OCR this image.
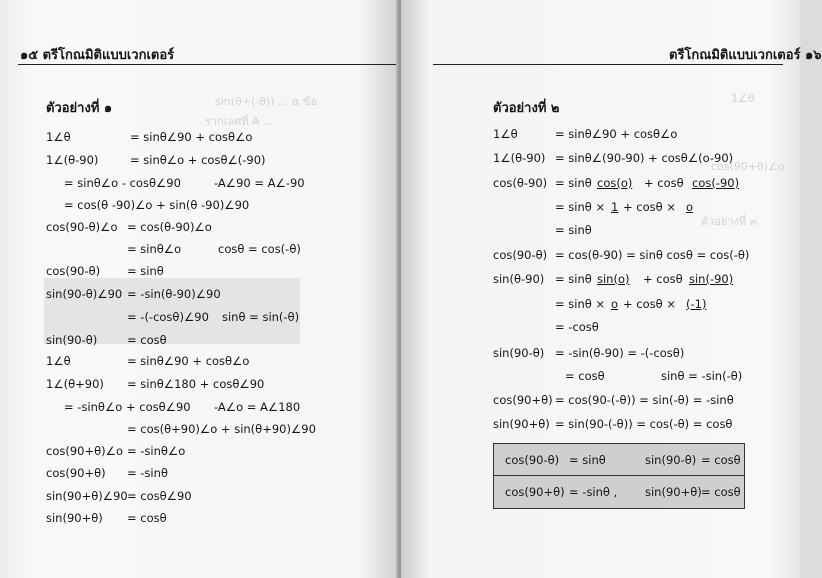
sin(θ+(-θ)) ... α ข้อ
รากเลศที่ A ...
๑๕ ตรีโกณมิติแบบเวกเตอร์
ตัวอย่างที่ ๑
1∠θ	= sinθ∠90 + cosθ∠o
1∠(θ-90)	= sinθ∠o + cosθ∠(-90)
= sinθ∠o - cosθ∠90	-A∠90 = A∠-90
= cos(θ -90)∠o + sin(θ -90)∠90
cos(90-θ)∠o = cos(θ-90)∠o
= sinθ∠o	cosθ = cos(-θ)
cos(90-θ) = sinθ
sin(90-θ)∠90 = -sin(θ-90)∠90
= -(-cosθ)∠90 sinθ = sin(-θ)
sin(90-θ)	= cosθ
1∠θ	= sinθ∠90 + cosθ∠o
1∠(θ+90) = sinθ∠180 + cosθ∠90
= -sinθ∠o + cosθ∠90 -A∠o = A∠180
= cos(θ+90)∠o + sin(θ+90)∠90
cos(90+θ)∠o = -sinθ∠o
cos(90+θ) = -sinθ
sin(90+θ)∠90 = cosθ∠90
sin(90+θ) = cosθ
1∠θ
cos(90+θ)∠o
ตัวอย่างที่ ๓
ตรีโกณมิติแบบเวกเตอร์ ๑๖
ตัวอย่างที่ ๒
1∠θ	= sinθ∠90 + cosθ∠o
1∠(θ-90) = sinθ∠(90-90) + cosθ∠(o-90)
cos(θ-90) = sinθ cos(o) + cosθ cos(-90)
= sinθ × 1 + cosθ × o
= sinθ
cos(90-θ) = cos(θ-90) = sinθ cosθ = cos(-θ)
sin(θ-90) = sinθ sin(o) + cosθ sin(-90)
= sinθ × o + cosθ × (-1)
= -cosθ
sin(90-θ) = -sin(θ-90) = -(-cosθ)
= cosθ	sinθ = -sin(-θ)
cos(90+θ) = cos(90-(-θ)) = sin(-θ) = -sinθ
sin(90+θ) = sin(90-(-θ)) = cos(-θ) = cosθ
cos(90-θ) = sinθ	sin(90-θ) = cosθ
cos(90+θ) = -sinθ , sin(90+θ) = cosθ
